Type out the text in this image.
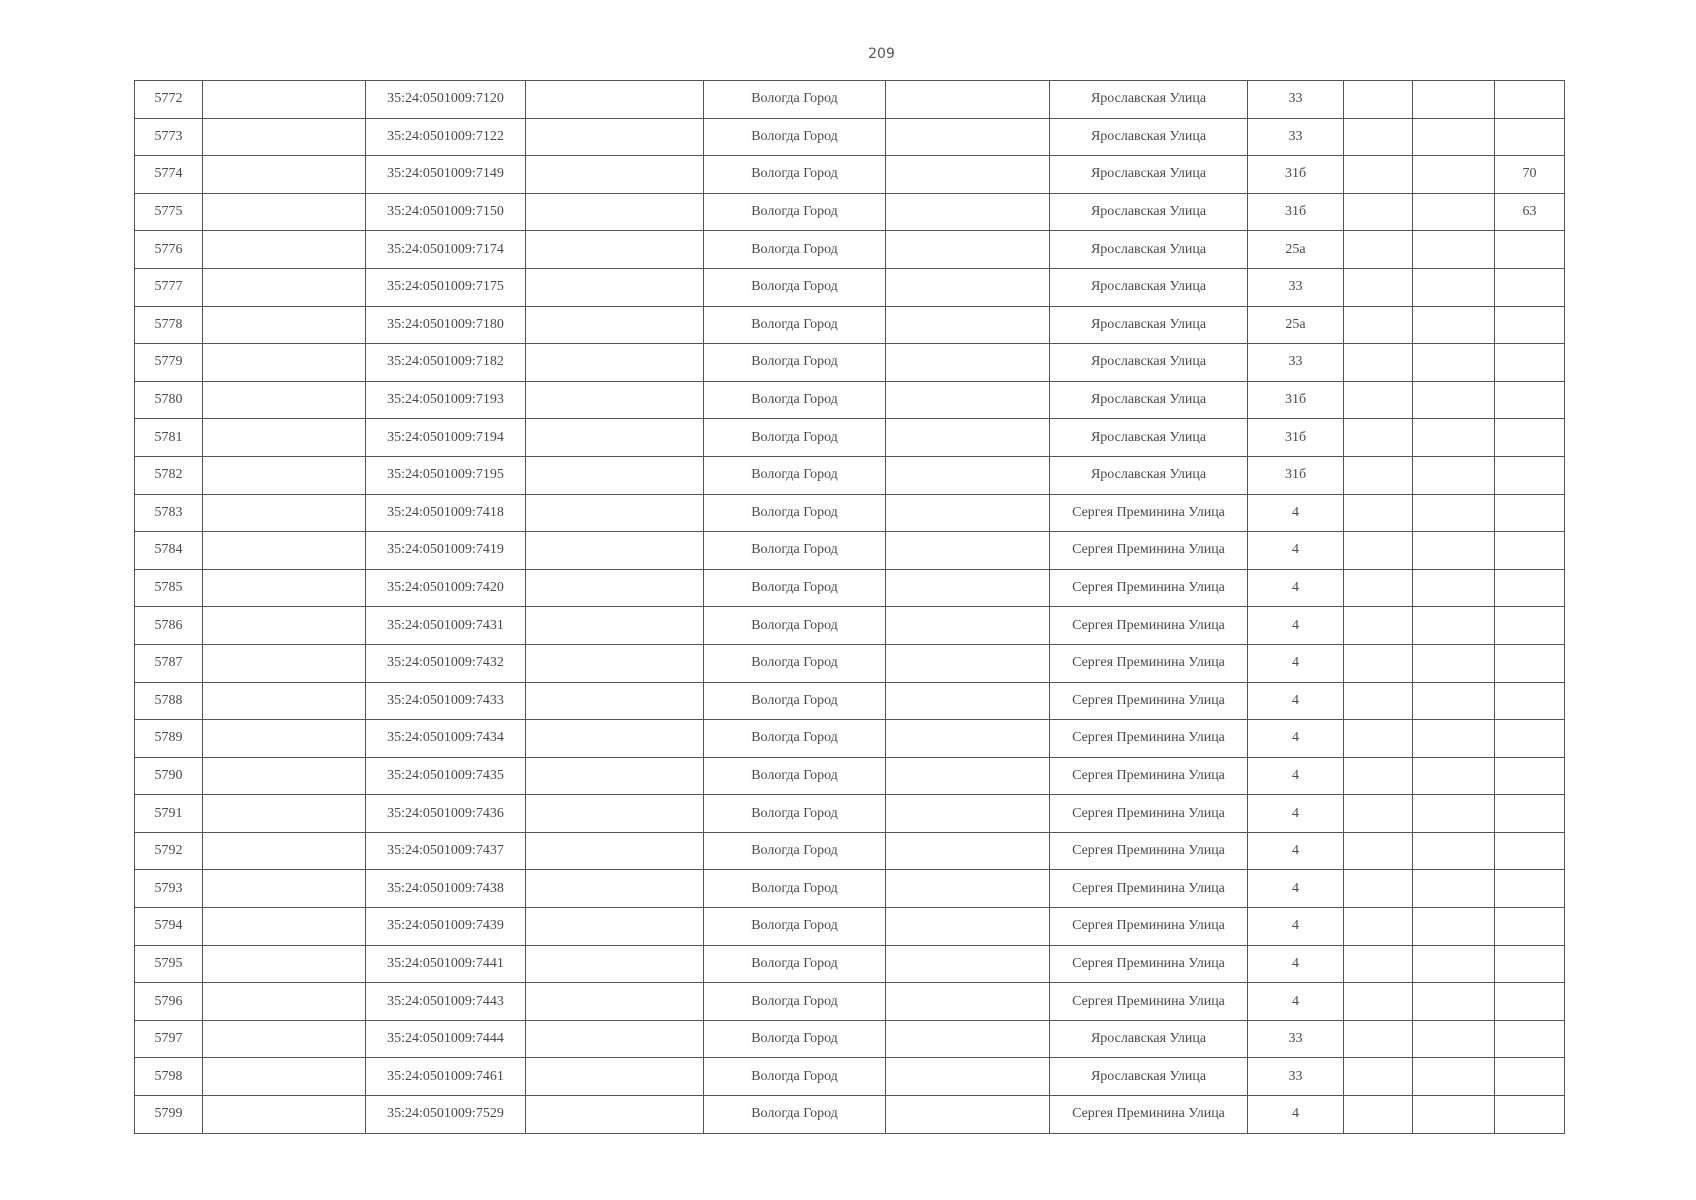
209
5772		35:24:0501009:7120		Вологда Город		Ярославская Улица	33			
5773		35:24:0501009:7122		Вологда Город		Ярославская Улица	33			
5774		35:24:0501009:7149		Вологда Город		Ярославская Улица	31б			70
5775		35:24:0501009:7150		Вологда Город		Ярославская Улица	31б			63
5776		35:24:0501009:7174		Вологда Город		Ярославская Улица	25а			
5777		35:24:0501009:7175		Вологда Город		Ярославская Улица	33			
5778		35:24:0501009:7180		Вологда Город		Ярославская Улица	25а			
5779		35:24:0501009:7182		Вологда Город		Ярославская Улица	33			
5780		35:24:0501009:7193		Вологда Город		Ярославская Улица	31б			
5781		35:24:0501009:7194		Вологда Город		Ярославская Улица	31б			
5782		35:24:0501009:7195		Вологда Город		Ярославская Улица	31б			
5783		35:24:0501009:7418		Вологда Город		Сергея Преминина Улица	4			
5784		35:24:0501009:7419		Вологда Город		Сергея Преминина Улица	4			
5785		35:24:0501009:7420		Вологда Город		Сергея Преминина Улица	4			
5786		35:24:0501009:7431		Вологда Город		Сергея Преминина Улица	4			
5787		35:24:0501009:7432		Вологда Город		Сергея Преминина Улица	4			
5788		35:24:0501009:7433		Вологда Город		Сергея Преминина Улица	4			
5789		35:24:0501009:7434		Вологда Город		Сергея Преминина Улица	4			
5790		35:24:0501009:7435		Вологда Город		Сергея Преминина Улица	4			
5791		35:24:0501009:7436		Вологда Город		Сергея Преминина Улица	4			
5792		35:24:0501009:7437		Вологда Город		Сергея Преминина Улица	4			
5793		35:24:0501009:7438		Вологда Город		Сергея Преминина Улица	4			
5794		35:24:0501009:7439		Вологда Город		Сергея Преминина Улица	4			
5795		35:24:0501009:7441		Вологда Город		Сергея Преминина Улица	4			
5796		35:24:0501009:7443		Вологда Город		Сергея Преминина Улица	4			
5797		35:24:0501009:7444		Вологда Город		Ярославская Улица	33			
5798		35:24:0501009:7461		Вологда Город		Ярославская Улица	33			
5799		35:24:0501009:7529		Вологда Город		Сергея Преминина Улица	4			
